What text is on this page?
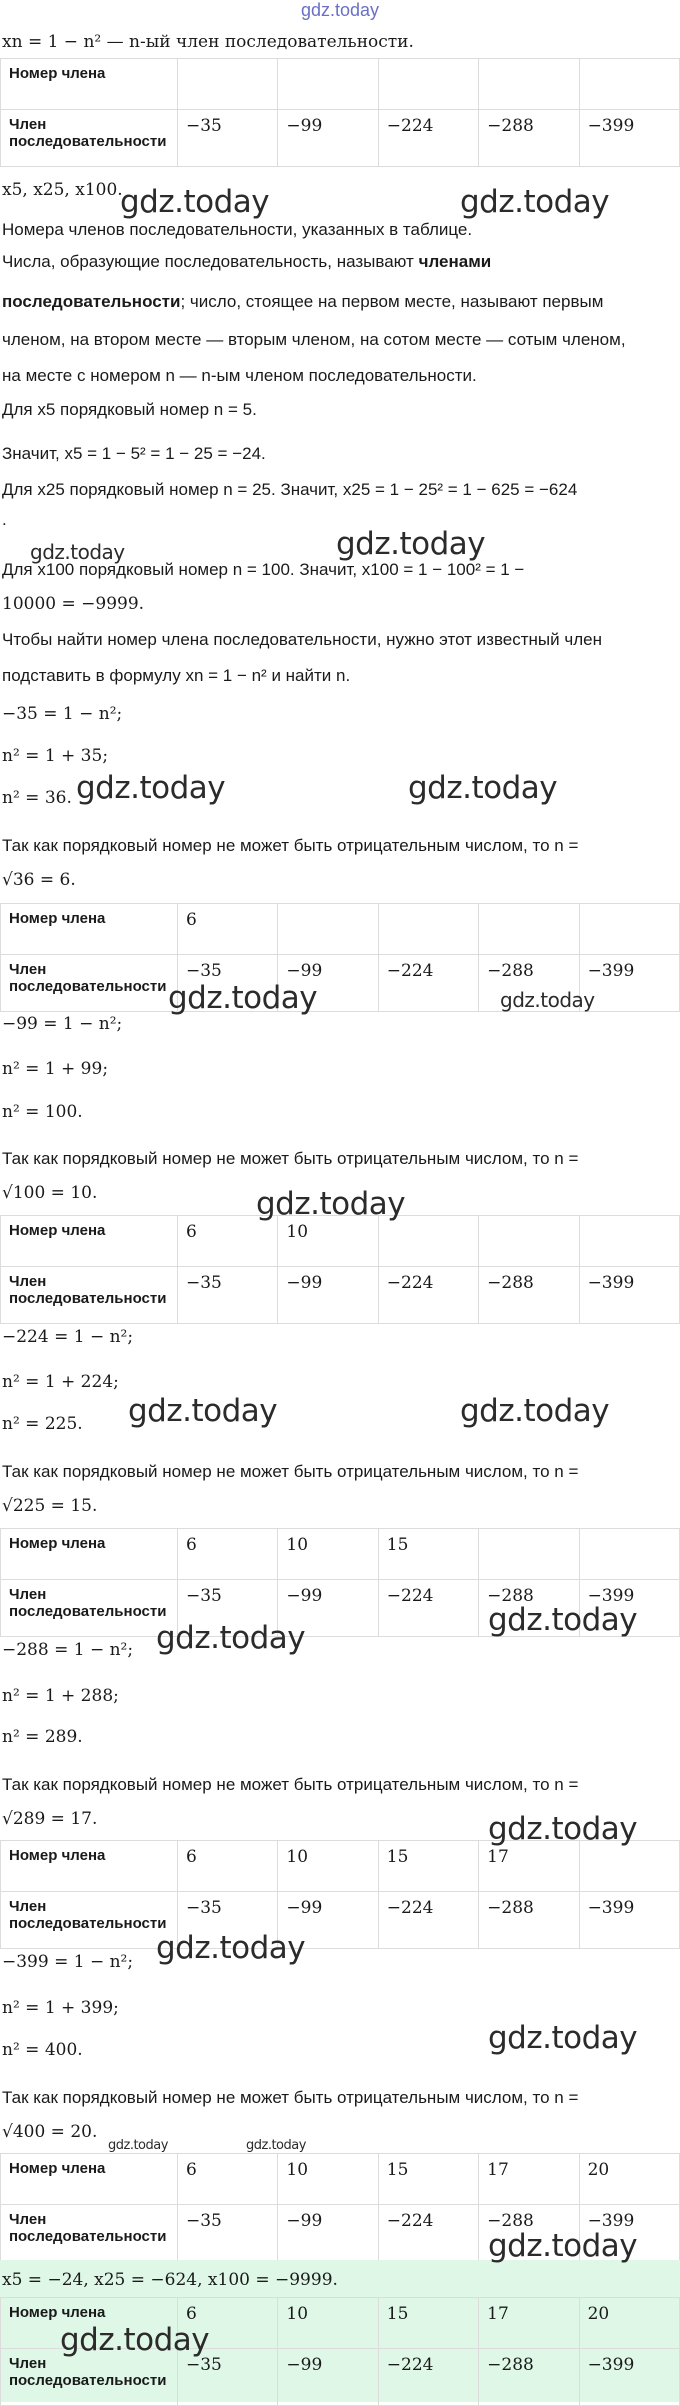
gdz.today
xn = 1 − n² — n-ый член последовательности.
Номер члена					
Член последовательности	−35	−99	−224	−288	−399
Номер члена	6				
Член последовательности	−35	−99	−224	−288	−399
Номер члена	6	10			
Член последовательности	−35	−99	−224	−288	−399
Номер члена	6	10	15		
Член последовательности	−35	−99	−224	−288	−399
Номер члена	6	10	15	17	
Член последовательности	−35	−99	−224	−288	−399
Номер члена	6	10	15	17	20
Член последовательности	−35	−99	−224	−288	−399
x5, x25, x100.
Номера членов последовательности, указанных в таблице.
Числа, образующие последовательность, называют членами
последовательности; число, стоящее на первом месте, называют первым
членом, на втором месте — вторым членом, на сотом месте — сотым членом,
на месте с номером n — n-ым членом последовательности.
Для x5 порядковый номер n = 5.
Значит, x5 = 1 − 5² = 1 − 25 = −24.
Для x25 порядковый номер n = 25. Значит, x25 = 1 − 25² = 1 − 625 = −624
.
Для x100 порядковый номер n = 100. Значит, x100 = 1 − 100² = 1 −
10000 = −9999.
Чтобы найти номер члена последовательности, нужно этот известный член
подставить в формулу xn = 1 − n² и найти n.
−35 = 1 − n²;
n² = 1 + 35;
n² = 36.
Так как порядковый номер не может быть отрицательным числом, то n =
√36 = 6.
−99 = 1 − n²;
n² = 1 + 99;
n² = 100.
Так как порядковый номер не может быть отрицательным числом, то n =
√100 = 10.
−224 = 1 − n²;
n² = 1 + 224;
n² = 225.
Так как порядковый номер не может быть отрицательным числом, то n =
√225 = 15.
−288 = 1 − n²;
n² = 1 + 288;
n² = 289.
Так как порядковый номер не может быть отрицательным числом, то n =
√289 = 17.
−399 = 1 − n²;
n² = 1 + 399;
n² = 400.
Так как порядковый номер не может быть отрицательным числом, то n =
√400 = 20.
x5 = −24, x25 = −624, x100 = −9999.
Номер члена	6	10	15	17	20
Член последовательности	−35	−99	−224	−288	−399
gdz.today	gdz.today
gdz.today	gdz.today
gdz.today	gdz.today
gdz.today	gdz.today
gdz.today
gdz.today	gdz.today
gdz.today
gdz.today
gdz.today
gdz.today
gdz.today
gdz.today	gdz.today
gdz.today
gdz.today
